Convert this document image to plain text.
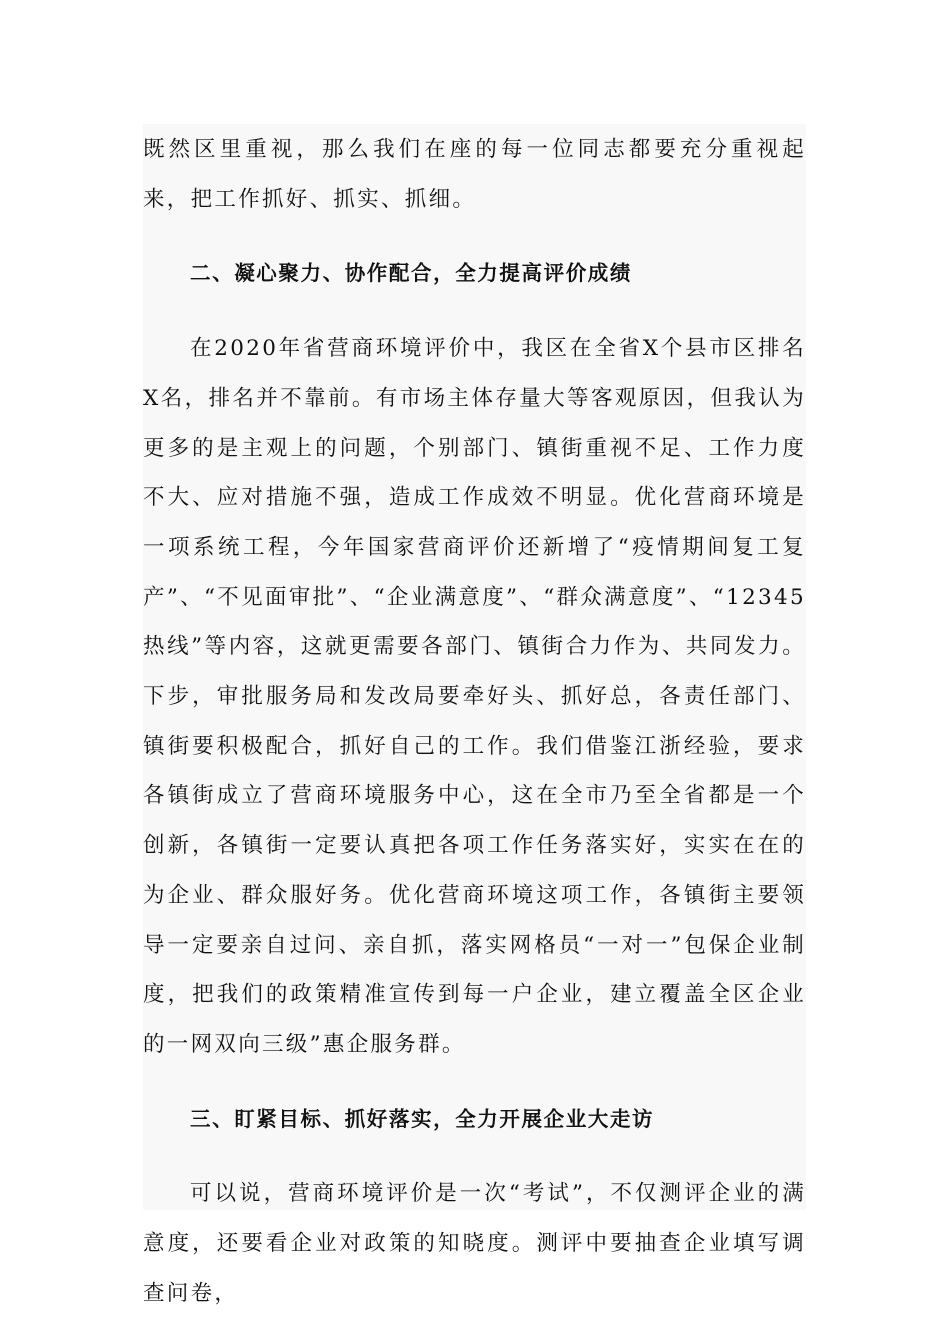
既然区里重视，那么我们在座的每一位同志都要充分重视起来，把工作抓好、抓实、抓细。

二、凝心聚力、协作配合，全力提高评价成绩

在2020年省营商环境评价中，我区在全省X个县市区排名X名，排名并不靠前。有市场主体存量大等客观原因，但我认为更多的是主观上的问题，个别部门、镇街重视不足、工作力度不大、应对措施不强，造成工作成效不明显。优化营商环境是一项系统工程，今年国家营商评价还新增了“疫情期间复工复产”、“不见面审批”、“企业满意度”、“群众满意度”、“12345热线”等内容，这就更需要各部门、镇街合力作为、共同发力。下步，审批服务局和发改局要牵好头、抓好总，各责任部门、镇街要积极配合，抓好自己的工作。我们借鉴江浙经验，要求各镇街成立了营商环境服务中心，这在全市乃至全省都是一个创新，各镇街一定要认真把各项工作任务落实好，实实在在的为企业、群众服好务。优化营商环境这项工作，各镇街主要领导一定要亲自过问、亲自抓，落实网格员“一对一”包保企业制度，把我们的政策精准宣传到每一户企业，建立覆盖全区企业的一网双向三级”惠企服务群。

三、盯紧目标、抓好落实，全力开展企业大走访

可以说，营商环境评价是一次“考试”，不仅测评企业的满意度，还要看企业对政策的知晓度。测评中要抽查企业填写调查问卷，
